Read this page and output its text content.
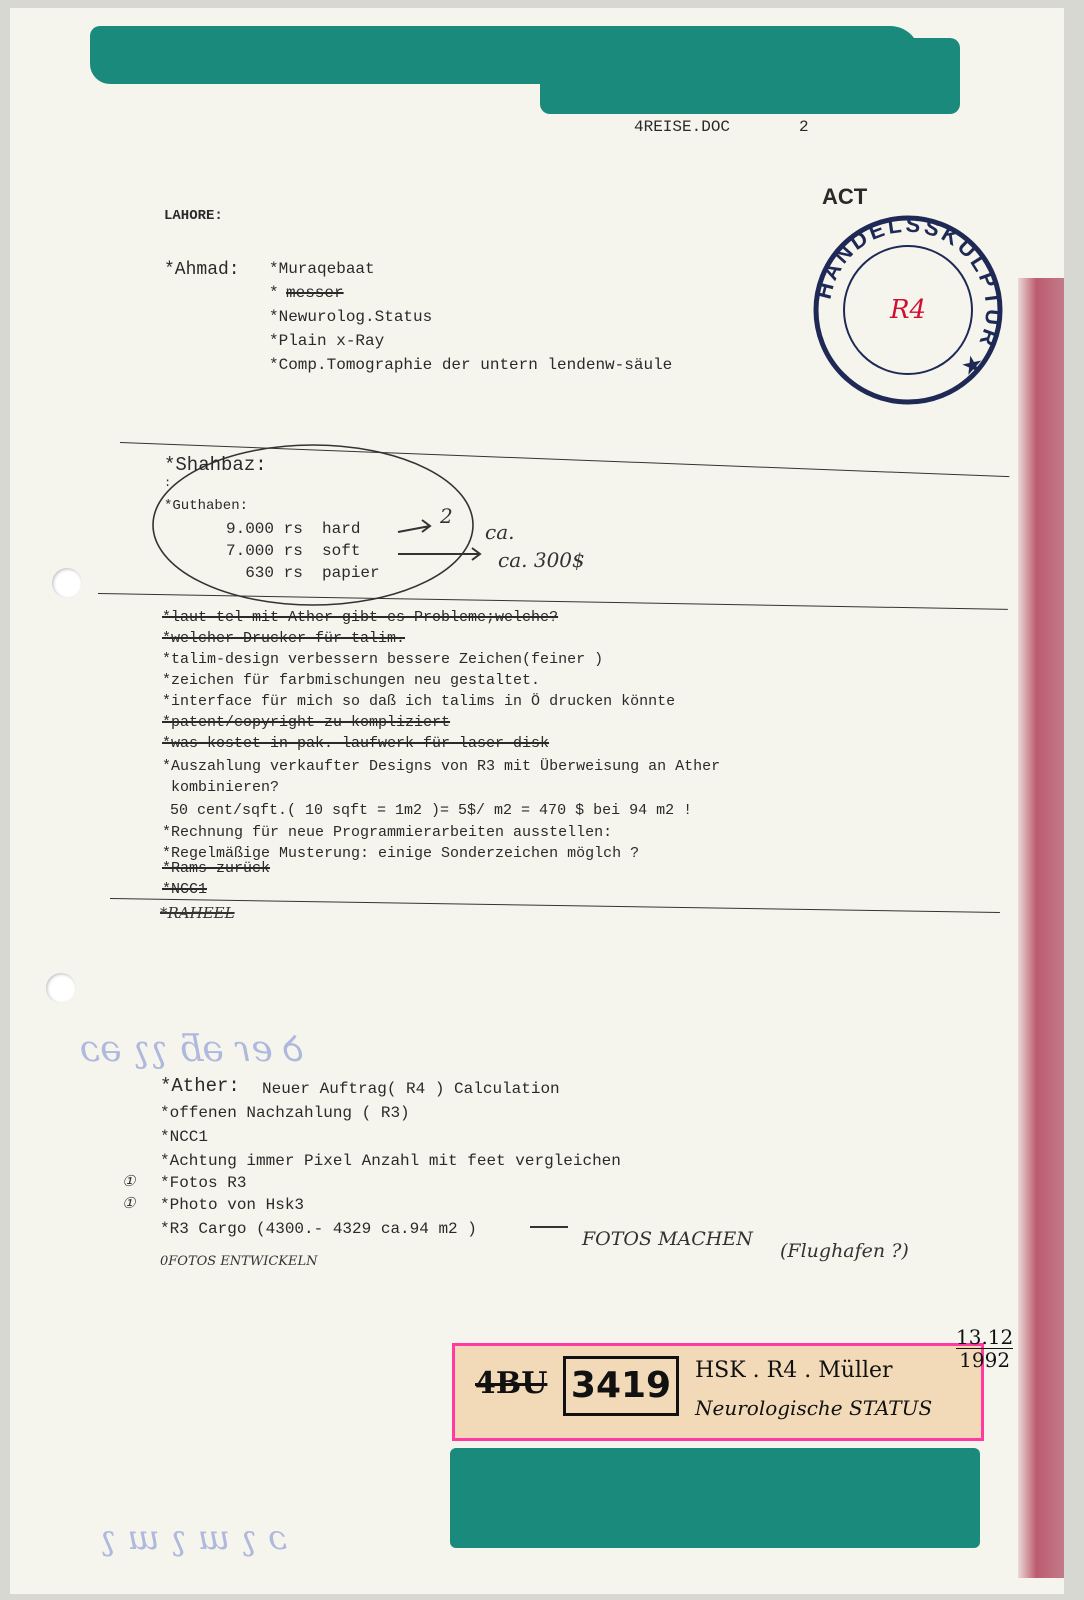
4REISE.DOC	2
ACT
HANDELSSKULPTUR ★
R4
LAHORE:
*Ahmad: *Muraqebaat
* messer
*Newurolog.Status
*Plain x-Ray
*Comp.Tomographie der untern lendenw-säule
*Shahbaz:
:
*Guthaben:
9.000 rs  hard
7.000 rs  soft
630 rs  papier
2
ca.
ca. 300$
*laut tel-mit Ather gibt es Probleme;welche?
*welcher Drucker für talim.
*talim-design verbessern bessere Zeichen(feiner )
*zeichen für farbmischungen neu gestaltet.
*interface für mich so daß ich talims in Ö drucken könnte
*patent/copyright zu kompliziert
*was kostet in pak. laufwerk für laser-disk
*Auszahlung verkaufter Designs von R3 mit Überweisung an Ather
kombinieren?
50 cent/sqft.( 10 sqft = 1m2 )= 5$/ m2 = 470 $ bei 94 m2 !
*Rechnung für neue Programmierarbeiten ausstellen:
*Regelmäßige Musterung: einige Sonderzeichen möglch ?
*Rams zurück
*NCC1
*RAHEEL
ꝺ eɾ ǝƃ ʅʅ əɔ
ɔ ʅ ɯ ʅ ɯ ʅ
*Ather: Neuer Auftrag( R4 ) Calculation
*offenen Nachzahlung ( R3)
*NCC1
*Achtung immer Pixel Anzahl mit feet vergleichen
*Fotos R3
*Photo von Hsk3
*R3 Cargo (4300.- 4329 ca.94 m2 )
①
①
FOTOS MACHEN
(Flughafen ?)
0FOTOS ENTWICKELN
4BU 3419 HSK . R4 . Müller
Neurologische STATUS
13.12
1992
